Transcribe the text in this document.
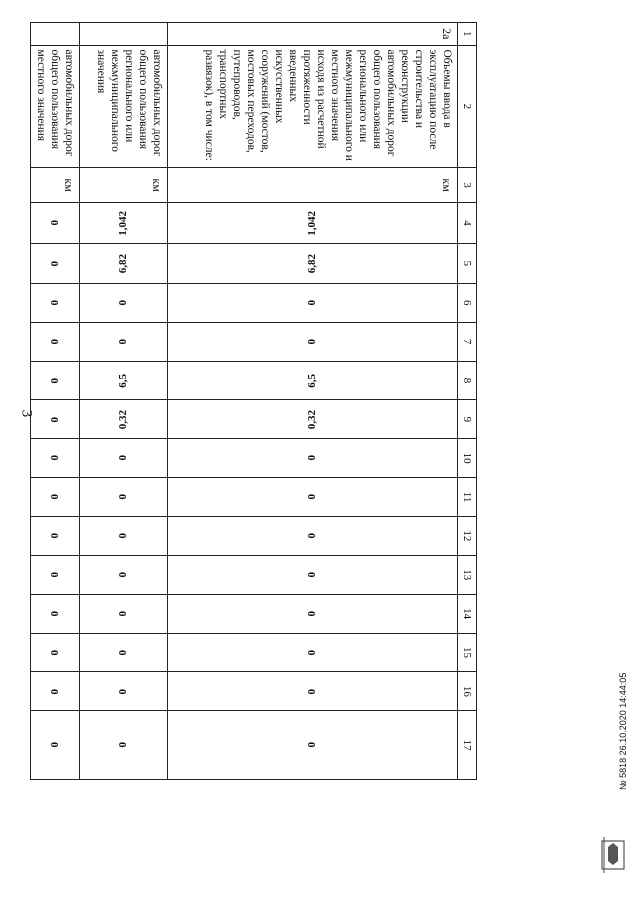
3
1	2	3	4	5	6	7	8	9	10	11	12	13	14	15	16	17
2a	Объемы ввода в эксплуатацию после строительства и реконструкции автомобильных дорог общего пользования регионального или межмуниципального и местного значения исходя из расчетной протяженности введенных искусственных сооружений (мостов, мостовых переходов, путепроводов, транспортных развязок), в том числе:	км	1,042	6,82	0	0	6,5	0,32	0	0	0	0	0	0	0	0
	автомобильных дорог общего пользования регионального или межмуниципального значения	км	1,042	6,82	0	0	6,5	0,32	0	0	0	0	0	0	0	0
	автомобильных дорог общего пользования местного значения	км	0	0	0	0	0	0	0	0	0	0	0	0	0	0	№ 5818 26.10.2020 14:44:05
